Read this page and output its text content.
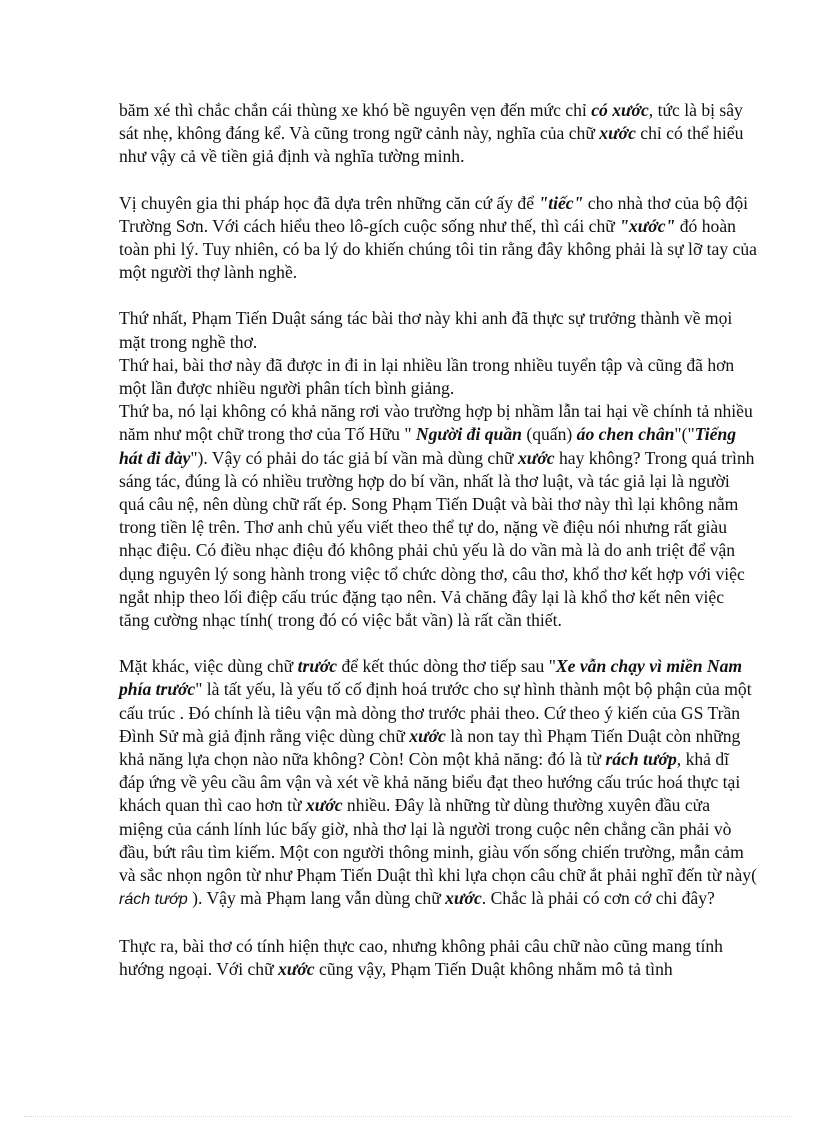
băm xé thì chắc chắn cái thùng xe khó bề nguyên vẹn đến mức chỉ có xước, tức là bị sây sát nhẹ, không đáng kể. Và cũng trong ngữ cảnh này, nghĩa của chữ xước chỉ có thể hiểu như vậy cả về tiền giả định và nghĩa tường minh.

Vị chuyên gia thi pháp học đã dựa trên những căn cứ ấy để "tiếc" cho nhà thơ của bộ đội Trường Sơn. Với cách hiểu theo lô-gích cuộc sống như thế, thì cái chữ "xước" đó hoàn toàn phi lý. Tuy nhiên, có ba lý do khiến chúng tôi tin rằng đây không phải là sự lỡ tay của một người thợ lành nghề.

Thứ nhất, Phạm Tiến Duật sáng tác bài thơ này khi anh đã thực sự trưởng thành về mọi mặt trong nghề thơ.

Thứ hai, bài thơ này đã được in đi in lại nhiều lần trong nhiều tuyển tập và cũng đã hơn một lần được nhiều người phân tích bình giảng.

Thứ ba, nó lại không có khả năng rơi vào trường hợp bị nhầm lẫn tai hại về chính tả nhiều năm như một chữ trong thơ của Tố Hữu " Người đi quần (quấn) áo chen chân"("Tiếng hát đi đày"). Vậy có phải do tác giả bí vần mà dùng chữ xước hay không? Trong quá trình sáng tác, đúng là có nhiều trường hợp do bí vần, nhất là thơ luật, và tác giả lại là người quá câu nệ, nên dùng chữ rất ép. Song Phạm Tiến Duật và bài thơ này thì lại không nằm trong tiền lệ trên. Thơ anh chủ yếu viết theo thể tự do, nặng về điệu nói nhưng rất giàu nhạc điệu. Có điều nhạc điệu đó không phải chủ yếu là do vần mà là do anh triệt để vận dụng nguyên lý song hành trong việc tổ chức dòng thơ, câu thơ, khổ thơ kết hợp với việc ngắt nhịp theo lối điệp cấu trúc đặng tạo nên. Vả chăng đây lại là khổ thơ kết nên việc tăng cường nhạc tính( trong đó có việc bắt vần) là rất cần thiết.

Mặt khác, việc dùng chữ trước để kết thúc dòng thơ tiếp sau "Xe vẫn chạy vì miền Nam phía trước" là tất yếu, là yếu tố cố định hoá trước cho sự hình thành một bộ phận của một cấu trúc . Đó chính là tiêu vận mà dòng thơ trước phải theo. Cứ theo ý kiến của GS Trần Đình Sử mà giả định rằng việc dùng chữ xước là non tay thì Phạm Tiến Duật còn những khả năng lựa chọn nào nữa không? Còn! Còn một khả năng: đó là từ rách tướp, khả dĩ đáp ứng về yêu cầu âm vận và xét về khả năng biểu đạt theo hướng cấu trúc hoá thực tại khách quan thì cao hơn từ xước nhiều. Đây là những từ dùng thường xuyên đầu cửa miệng của cánh lính lúc bấy giờ, nhà thơ lại là người trong cuộc nên chẳng cần phải vò đầu, bứt râu tìm kiếm. Một con người thông minh, giàu vốn sống chiến trường, mẫn cảm và sắc nhọn ngôn từ như Phạm Tiến Duật thì khi lựa chọn câu chữ ắt phải nghĩ đến từ này( rách tướp ). Vậy mà Phạm lang vẫn dùng chữ xước. Chắc là phải có cơn cớ chi đây?

Thực ra, bài thơ có tính hiện thực cao, nhưng không phải câu chữ nào cũng mang tính hướng ngoại. Với chữ xước cũng vậy, Phạm Tiến Duật không nhằm mô tả tình
